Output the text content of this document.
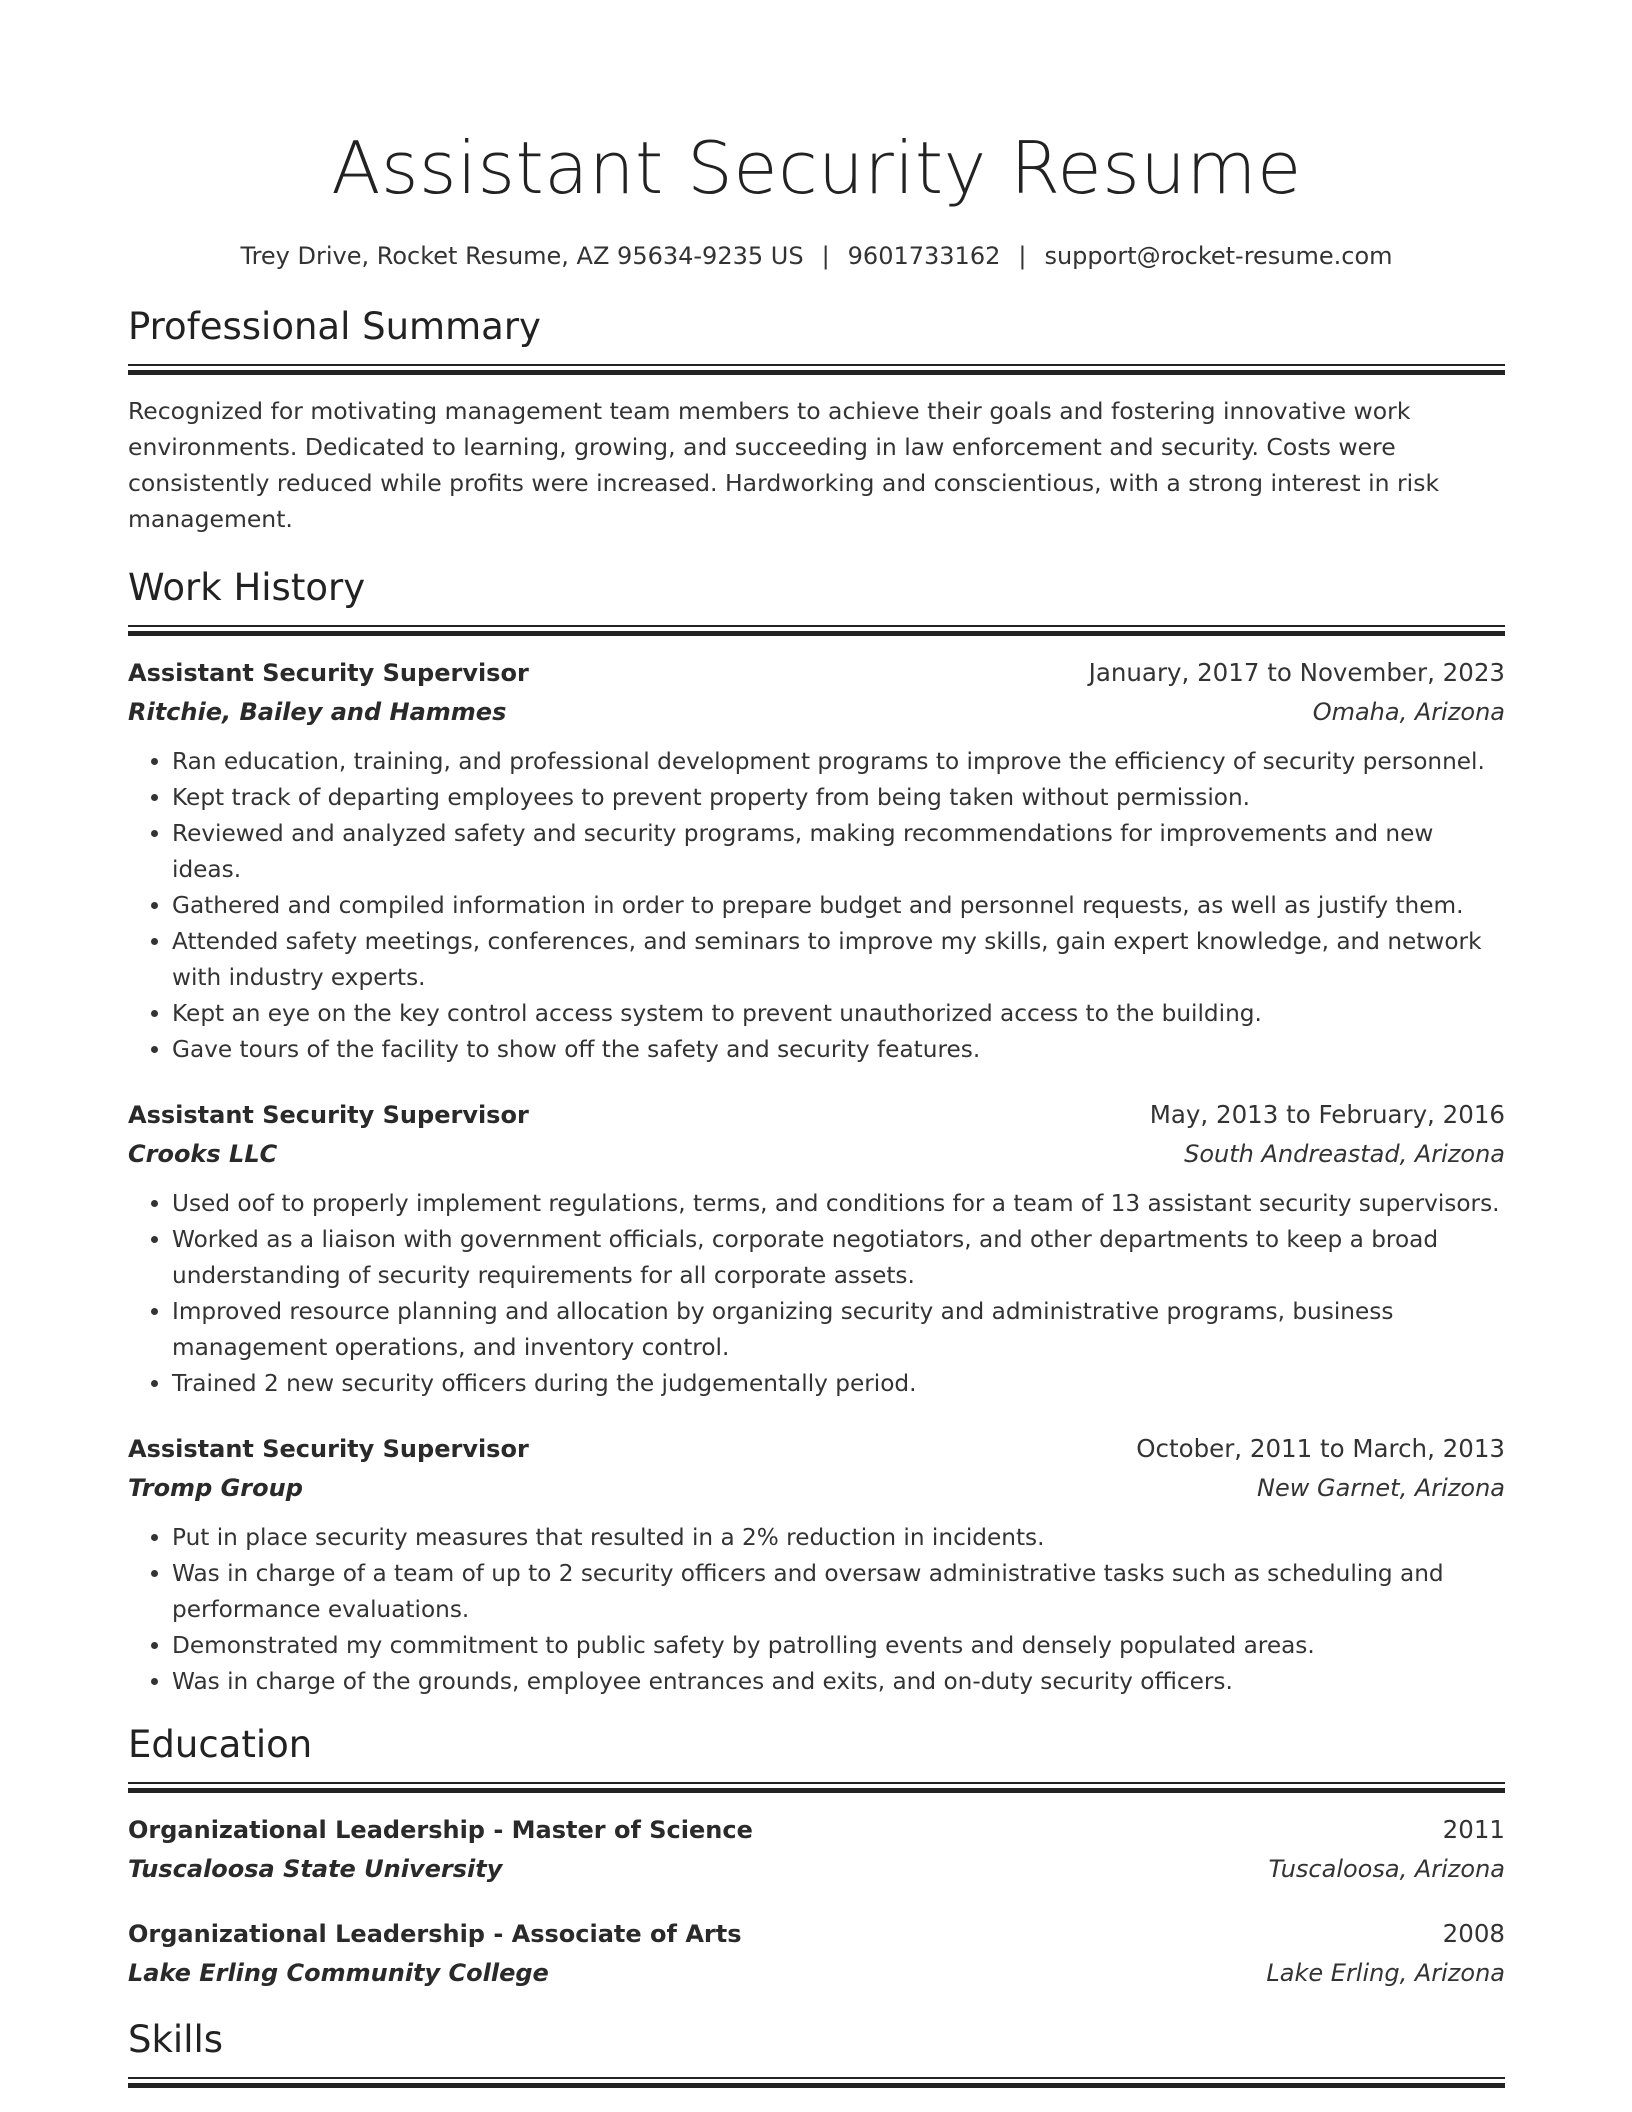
Assistant Security Resume
Trey Drive, Rocket Resume, AZ 95634-9235 US | 9601733162 | support@rocket-resume.com
Professional Summary

Recognized for motivating management team members to achieve their goals and fostering innovative work environments. Dedicated to learning, growing, and succeeding in law enforcement and security. Costs were consistently reduced while profits were increased. Hardworking and conscientious, with a strong interest in risk management.

Work History
Assistant Security Supervisor	January, 2017 to November, 2023
Ritchie, Bailey and Hammes	Omaha, Arizona
• Ran education, training, and professional development programs to improve the efficiency of security personnel.
• Kept track of departing employees to prevent property from being taken without permission.
• Reviewed and analyzed safety and security programs, making recommendations for improvements and new ideas.
• Gathered and compiled information in order to prepare budget and personnel requests, as well as justify them.
• Attended safety meetings, conferences, and seminars to improve my skills, gain expert knowledge, and network with industry experts.
• Kept an eye on the key control access system to prevent unauthorized access to the building.
• Gave tours of the facility to show off the safety and security features.
Assistant Security Supervisor	May, 2013 to February, 2016
Crooks LLC	South Andreastad, Arizona
• Used oof to properly implement regulations, terms, and conditions for a team of 13 assistant security supervisors.
• Worked as a liaison with government officials, corporate negotiators, and other departments to keep a broad understanding of security requirements for all corporate assets.
• Improved resource planning and allocation by organizing security and administrative programs, business management operations, and inventory control.
• Trained 2 new security officers during the judgementally period.
Assistant Security Supervisor	October, 2011 to March, 2013
Tromp Group	New Garnet, Arizona
• Put in place security measures that resulted in a 2% reduction in incidents.
• Was in charge of a team of up to 2 security officers and oversaw administrative tasks such as scheduling and performance evaluations.
• Demonstrated my commitment to public safety by patrolling events and densely populated areas.
• Was in charge of the grounds, employee entrances and exits, and on-duty security officers.
Education
Organizational Leadership - Master of Science	2011
Tuscaloosa State University	Tuscaloosa, Arizona
Organizational Leadership - Associate of Arts	2008
Lake Erling Community College	Lake Erling, Arizona
Skills
